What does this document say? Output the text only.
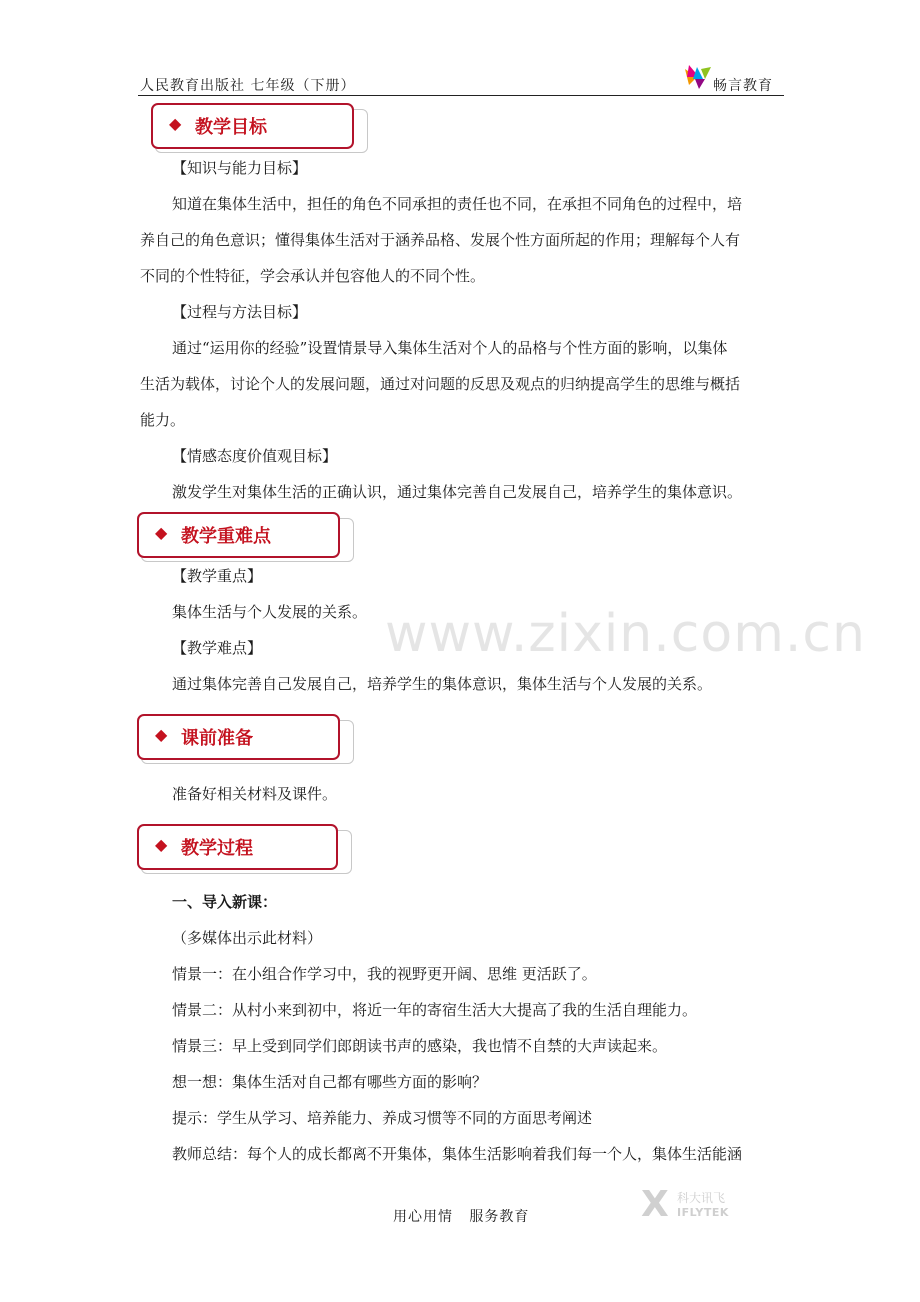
人民教育出版社 七年级（下册）	畅言教育
www.zixin.com.cn
◆ 教学目标
【知识与能力目标】
知道在集体生活中，担任的角色不同承担的责任也不同，在承担不同角色的过程中，培
养自己的角色意识；懂得集体生活对于涵养品格、发展个性方面所起的作用；理解每个人有
不同的个性特征，学会承认并包容他人的不同个性。
【过程与方法目标】
通过“运用你的经验”设置情景导入集体生活对个人的品格与个性方面的影响，以集体
生活为载体，讨论个人的发展问题，通过对问题的反思及观点的归纳提高学生的思维与概括
能力。
【情感态度价值观目标】
激发学生对集体生活的正确认识，通过集体完善自己发展自己，培养学生的集体意识。
◆ 教学重难点
【教学重点】
集体生活与个人发展的关系。
【教学难点】
通过集体完善自己发展自己，培养学生的集体意识，集体生活与个人发展的关系。
◆ 课前准备
准备好相关材料及课件。
◆ 教学过程
一、导入新课：
（多媒体出示此材料）
情景一：在小组合作学习中，我的视野更开阔、思维 更活跃了。
情景二：从村小来到初中，将近一年的寄宿生活大大提高了我的生活自理能力。
情景三：早上受到同学们郎朗读书声的感染，我也情不自禁的大声读起来。
想一想：集体生活对自己都有哪些方面的影响？
提示：学生从学习、培养能力、养成习惯等不同的方面思考阐述
教师总结：每个人的成长都离不开集体，集体生活影响着我们每一个人，集体生活能涵
用心用情   服务教育	X 科大讯飞
IFLYTEK
